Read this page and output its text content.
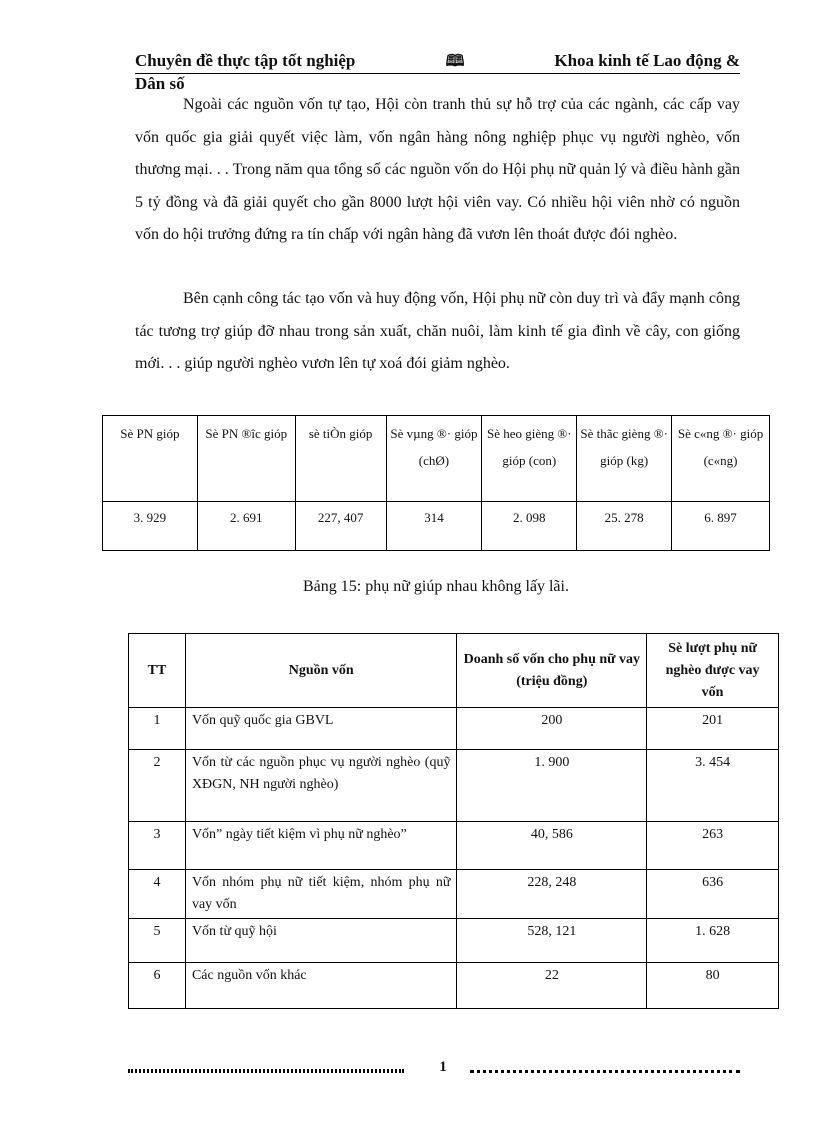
Chuyên đề thực tập tốt nghiệp	🕮	Khoa kinh tế Lao động &
Dân số

Ngoài các nguồn vốn tự tạo, Hội còn tranh thủ sự hỗ trợ của các ngành, các cấp vay vốn quốc gia giải quyết việc làm, vốn ngân hàng nông nghiệp phục vụ người nghèo, vốn thương mại. . . Trong năm qua tổng số các nguồn vốn do Hội phụ nữ quản lý và điều hành gần 5 tỷ đồng và đã giải quyết cho gần 8000 lượt hội viên vay. Có nhiều hội viên nhờ có nguồn vốn do hội trưởng đứng ra tín chấp với ngân hàng đã vươn lên thoát được đói nghèo.

Bên cạnh công tác tạo vốn và huy động vốn, Hội phụ nữ còn duy trì và đẩy mạnh công tác tương trợ giúp đỡ nhau trong sản xuất, chăn nuôi, làm kinh tế gia đình về cây, con giống mới. . . giúp người nghèo vươn lên tự xoá đói giảm nghèo.

Sè PN gióp	Sè PN ®îc gióp	sè tiÒn gióp	Sè vµng ®· gióp (chØ)	Sè heo gièng ®· gióp (con)	Sè thãc gièng ®· gióp (kg)	Sè c«ng ®· gióp (c«ng)
3. 929	2. 691	227, 407	314	2. 098	25. 278	6. 897
Bảng 15: phụ nữ giúp nhau không lấy lãi.
TT	Nguồn vốn	Doanh số vốn cho phụ nữ vay (triệu đồng)	Sè lượt phụ nữ nghèo được vay vốn
1	Vốn quỹ quốc gia GBVL	200	201
2	Vốn từ các nguồn phục vụ người nghèo (quỹ XĐGN, NH người nghèo)	1. 900	3. 454
3	Vốn” ngày tiết kiệm vì phụ nữ nghèo”	40, 586	263
4	Vốn nhóm phụ nữ tiết kiệm, nhóm phụ nữ vay vốn	228, 248	636
5	Vốn từ quỹ hội	528, 121	1. 628
6	Các nguồn vốn khác	22	80
1
